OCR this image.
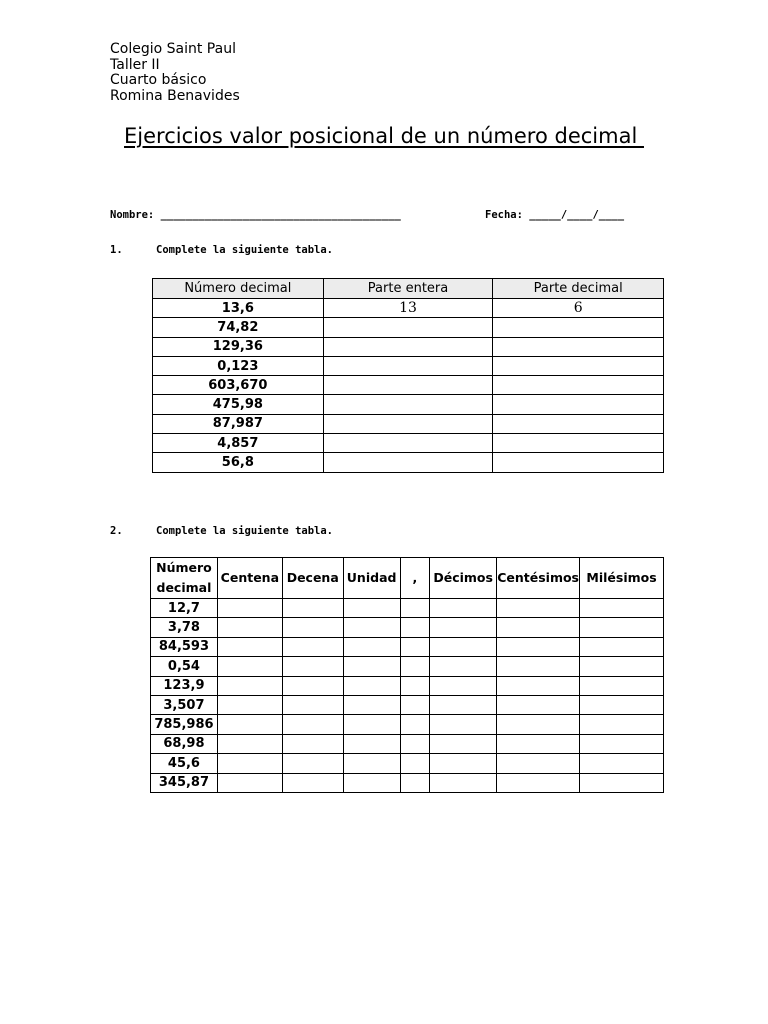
Colegio Saint Paul
Taller II
Cuarto básico
Romina Benavides
Ejercicios valor posicional de un número decimal
Nombre: ______________________________________	Fecha: _____/____/____
1.	Complete la siguiente tabla.
Número decimal	Parte entera	Parte decimal
13,6	13	6
74,82		
129,36		
0,123		
603,670		
475,98		
87,987		
4,857		
56,8		
2.	Complete la siguiente tabla.
Número decimal	Centena	Decena	Unidad	,	Décimos	Centésimos	Milésimos
12,7							
3,78							
84,593							
0,54							
123,9							
3,507							
785,986							
68,98							
45,6							
345,87							
